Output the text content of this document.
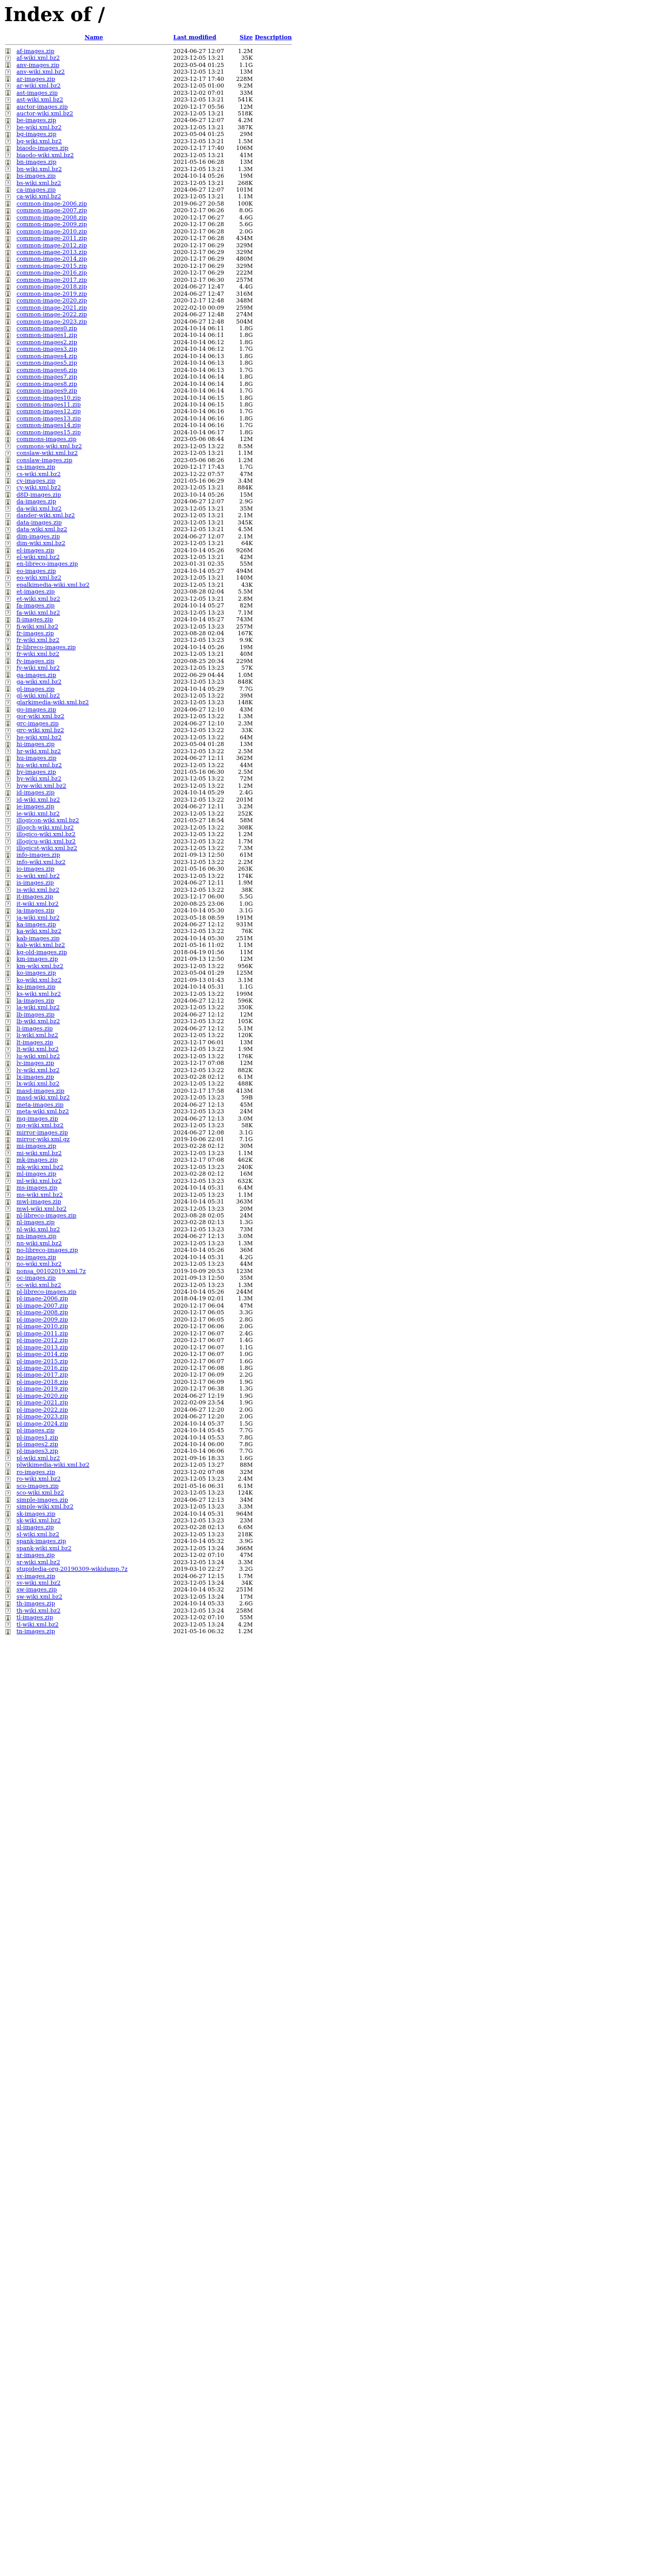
Index of /
	Name	Last modified	Size	Description

	af-images.zip	2024-06-27 12:07	1.2M	

?	af-wiki.xml.bz2	2023-12-05 13:21	35K	
	anv-images.zip	2023-05-04 01:25	1.1G	

?	anv-wiki.xml.bz2	2023-12-05 13:21	13M	
	ar-images.zip	2023-12-17 17:40	228M	

?	ar-wiki.xml.bz2	2023-12-05 01:00	9.2M	
	ast-images.zip	2023-12-02 07:01	33M	

?	ast-wiki.xml.bz2	2023-12-05 13:21	541K	
	auctor-images.zip	2020-12-17 05:56	12M	

?	auctor-wiki.xml.bz2	2023-12-05 13:21	518K	
	be-images.zip	2024-06-27 12:07	4.2M	

?	be-wiki.xml.bz2	2023-12-05 13:21	387K	
	bg-images.zip	2023-05-04 01:25	29M	

?	bg-wiki.xml.bz2	2023-12-05 13:21	1.5M	
	biaodo-images.zip	2020-12-17 17:40	106M	

?	biaodo-wiki.xml.bz2	2023-12-05 13:21	41M	
	bn-images.zip	2021-05-16 06:28	13M	

?	bn-wiki.xml.bz2	2023-12-05 13:21	1.3M	
	bs-images.zip	2024-10-14 05:26	19M	

?	bs-wiki.xml.bz2	2023-12-05 13:21	268K	
	ca-images.zip	2024-06-27 12:07	101M	

?	ca-wiki.xml.bz2	2023-12-05 13:21	1.1M	
	common-image-2006.zip	2019-06-27 20:58	100K	
	common-image-2007.zip	2020-12-17 06:26	8.0G	
	common-image-2008.zip	2020-12-17 06:27	4.6G	
	common-image-2009.zip	2020-12-17 06:28	5.6G	
	common-image-2010.zip	2020-12-17 06:28	2.0G	
	common-image-2011.zip	2020-12-17 06:28	434M	
	common-image-2012.zip	2020-12-17 06:29	329M	
	common-image-2013.zip	2020-12-17 06:29	329M	
	common-image-2014.zip	2020-12-17 06:29	480M	
	common-image-2015.zip	2020-12-17 06:29	329M	
	common-image-2016.zip	2020-12-17 06:29	222M	
	common-image-2017.zip	2020-12-17 06:30	257M	
	common-image-2018.zip	2024-06-27 12:47	4.4G	
	common-image-2019.zip	2024-06-27 12:47	316M	
	common-image-2020.zip	2020-12-17 12:48	348M	
	common-image-2021.zip	2022-02-10 00:09	259M	
	common-image-2022.zip	2024-06-27 12:48	274M	
	common-image-2023.zip	2024-06-27 12:48	504M	
	common-images0.zip	2024-10-14 06:11	1.8G	
	common-images1.zip	2024-10-14 06:11	1.8G	
	common-images2.zip	2024-10-14 06:12	1.8G	
	common-images3.zip	2024-10-14 06:12	1.7G	
	common-images4.zip	2024-10-14 06:13	1.8G	
	common-images5.zip	2024-10-14 06:13	1.8G	
	common-images6.zip	2024-10-14 06:13	1.7G	
	common-images7.zip	2024-10-14 06:14	1.8G	
	common-images8.zip	2024-10-14 06:14	1.8G	
	common-images9.zip	2024-10-14 06:14	1.7G	
	common-images10.zip	2024-10-14 06:15	1.8G	
	common-images11.zip	2024-10-14 06:15	1.8G	
	common-images12.zip	2024-10-14 06:16	1.7G	
	common-images13.zip	2024-10-14 06:16	1.8G	
	common-images14.zip	2024-10-14 06:16	1.7G	
	common-images15.zip	2024-10-14 06:17	1.8G	
	commons-images.zip	2023-05-06 08:44	12M	

?	commons-wiki.xml.bz2	2023-12-05 13:22	8.5M	

?	conslaw-wiki.xml.bz2	2023-12-05 13:21	1.1M	
	conslaw-images.zip	2023-05-06 08:26	1.2M	
	cs-images.zip	2020-12-17 17:43	1.7G	

?	cs-wiki.xml.bz2	2023-12-22 07:57	47M	
	cy-images.zip	2021-05-16 06:29	3.4M	

?	cy-wiki.xml.bz2	2023-12-05 13:21	884K	
	d8D-images.zip	2023-10-14 05:26	15M	
	da-images.zip	2024-06-27 12:07	2.9G	

?	da-wiki.xml.bz2	2023-12-05 13:21	35M	

?	dander-wiki.xml.bz2	2023-12-05 13:21	2.1M	
	data-images.zip	2023-12-05 13:21	345K	

?	data-wiki.xml.bz2	2023-12-05 13:21	4.5M	
	dim-images.zip	2024-06-27 12:07	2.1M	

?	dim-wiki.xml.bz2	2023-12-05 13:21	64K	
	el-images.zip	2024-10-14 05:26	926M	

?	el-wiki.xml.bz2	2023-12-05 13:21	42M	
	en-libreco-images.zip	2023-01-31 02:35	55M	
	eo-images.zip	2024-10-14 05:27	494M	

?	eo-wiki.xml.bz2	2023-12-05 13:21	140M	

?	epalkimedia-wiki.xml.bz2	2023-12-05 13:21	43K	
	et-images.zip	2023-08-28 02:04	5.5M	

?	et-wiki.xml.bz2	2023-12-05 13:21	2.8M	
	fa-images.zip	2024-10-14 05:27	82M	

?	fa-wiki.xml.bz2	2023-12-05 13:23	7.1M	
	fi-images.zip	2024-10-14 05:27	743M	

?	fi-wiki.xml.bz2	2023-12-05 13:23	257M	
	fr-images.zip	2023-08-28 02:04	167K	

?	fr-wiki.xml.bz2	2023-12-05 13:23	9.9K	
	fr-libreco-images.zip	2024-10-14 05:26	19M	

?	fr-wiki.xml.bz2	2023-12-05 13:21	40M	
	fy-images.zip	2020-08-25 20:34	229M	

?	fy-wiki.xml.bz2	2023-12-05 13:23	57K	
	ga-images.zip	2022-06-29 04:44	1.0M	

?	ga-wiki.xml.bz2	2023-12-05 13:23	848K	
	gl-images.zip	2024-10-14 05:29	7.7G	

?	gl-wiki.xml.bz2	2023-12-05 13:22	39M	

?	glarkimedia-wiki.xml.bz2	2023-12-05 13:23	148K	
	go-images.zip	2024-06-27 12:10	43M	

?	gor-wiki.xml.bz2	2023-12-05 13:22	1.3M	
	grc-images.zip	2024-06-27 12:10	2.3M	

?	grc-wiki.xml.bz2	2023-12-05 13:22	33K	

?	he-wiki.xml.bz2	2023-12-05 13:22	64M	
	hi-images.zip	2023-05-04 01:28	13M	

?	hr-wiki.xml.bz2	2023-12-05 13:22	2.5M	
	hu-images.zip	2024-06-27 12:11	362M	

?	hu-wiki.xml.bz2	2023-12-05 13:22	44M	
	hy-images.zip	2021-05-16 06:30	2.5M	

?	hy-wiki.xml.bz2	2023-12-05 13:22	72M	

?	hyw-wiki.xml.bz2	2023-12-05 13:22	1.2M	
	id-images.zip	2024-10-14 05:29	2.4G	

?	id-wiki.xml.bz2	2023-12-05 13:22	201M	
	ie-images.zip	2024-06-27 12:11	3.2M	

?	ie-wiki.xml.bz2	2023-12-05 13:22	252K	

?	illogicon-wiki.xml.bz2	2021-05-27 18:54	58M	

?	illogch-wiki.xml.bz2	2023-12-05 13:22	308K	

?	illogico-wiki.xml.bz2	2023-12-05 13:22	1.2M	

?	illogicu-wiki.xml.bz2	2023-12-05 13:22	1.7M	

?	illogicst-wiki.xml.bz2	2023-12-05 13:22	7.3M	
	info-images.zip	2021-09-13 12:50	61M	

?	info-wiki.xml.bz2	2023-12-05 13:22	2.2M	
	io-images.zip	2021-05-16 06:30	263K	

?	io-wiki.xml.bz2	2023-12-05 13:22	174K	
	is-images.zip	2024-06-27 12:11	1.9M	

?	is-wiki.xml.bz2	2023-12-05 13:22	38K	
	it-images.zip	2023-12-17 06:00	5.5G	

?	it-wiki.xml.bz2	2020-08-25 23:06	1.0G	
	ja-images.zip	2024-10-14 05:30	3.1G	

?	ja-wiki.xml.bz2	2023-05-18 08:59	191M	
	ka-images.zip	2024-06-27 12:12	931M	

?	ka-wiki.xml.bz2	2023-12-05 13:22	76K	
	kab-images.zip	2024-10-14 05:30	251M	

?	kab-wiki.xml.bz2	2021-05-16 11:02	1.1M	
	kg-old-images.zip	2018-04-19 01:56	11M	
	km-images.zip	2021-09-13 12:50	12M	

?	km-wiki.xml.bz2	2023-12-05 13:22	956K	
	ko-images.zip	2023-05-04 01:29	125M	

?	ko-wiki.xml.bz2	2021-09-13 01:43	3.1M	
	ks-images.zip	2024-10-14 05:31	1.1G	

?	ks-wiki.xml.bz2	2023-12-05 13:22	199M	
	la-images.zip	2024-06-27 12:12	596K	

?	la-wiki.xml.bz2	2023-12-05 13:22	350K	
	lb-images.zip	2024-06-27 12:12	12M	

?	lb-wiki.xml.bz2	2023-12-05 13:22	105K	
	li-images.zip	2024-06-27 12:12	5.1M	

?	li-wiki.xml.bz2	2023-12-05 13:22	120K	
	lt-images.zip	2023-12-17 06:01	13M	

?	lt-wiki.xml.bz2	2023-12-05 13:22	1.9M	

?	lu-wiki.xml.bz2	2023-12-05 13:22	176K	
	lv-images.zip	2023-12-17 07:08	12M	

?	lv-wiki.xml.bz2	2023-12-05 13:22	882K	
	lx-images.zip	2023-02-28 02:12	6.1M	

?	lx-wiki.xml.bz2	2023-12-05 13:22	488K	
	masd-images.zip	2020-12-17 17:58	413M	

?	masd-wiki.xml.bz2	2023-12-05 13:23	59B	
	meta-images.zip	2024-06-27 12:13	45M	

?	meta-wiki.xml.bz2	2023-12-05 13:23	24M	
	mg-images.zip	2024-06-27 12:13	3.0M	

?	mg-wiki.xml.bz2	2023-12-05 13:23	58K	
	mirror-images.zip	2024-06-27 12:08	3.1G	
	mirror-wiki.xml.gz	2019-10-06 22:01	7.1G	
	mi-images.zip	2023-02-28 02:12	30M	

?	mi-wiki.xml.bz2	2023-12-05 13:23	1.1M	
	mk-images.zip	2023-12-17 07:08	462K	

?	mk-wiki.xml.bz2	2023-12-05 13:23	240K	
	ml-images.zip	2023-02-28 02:12	16M	

?	ml-wiki.xml.bz2	2023-12-05 13:23	632K	
	ms-images.zip	2024-10-14 05:31	6.4M	

?	ms-wiki.xml.bz2	2023-12-05 13:23	1.1M	
	mwl-images.zip	2024-10-14 05:31	363M	

?	mwl-wiki.xml.bz2	2023-12-05 13:23	20M	
	nl-libreco-images.zip	2023-08-28 02:05	24M	
	nl-images.zip	2023-02-28 02:13	1.3G	

?	nl-wiki.xml.bz2	2023-12-05 13:23	73M	
	nn-images.zip	2024-06-27 12:13	3.0M	

?	nn-wiki.xml.bz2	2023-12-05 13:23	1.3M	
	no-libreco-images.zip	2024-10-14 05:26	36M	
	no-images.zip	2024-10-14 05:31	4.2G	

?	no-wiki.xml.bz2	2023-12-05 13:23	44M	
	nonsa_00102019.xml.7z	2019-10-09 20:53	123M	
	oc-images.zip	2021-09-13 12:50	35M	

?	oc-wiki.xml.bz2	2023-12-05 13:23	1.3M	
	pl-libreco-images.zip	2024-10-14 05:26	244M	
	pl-image-2006.zip	2018-04-19 02:01	1.3M	
	pl-image-2007.zip	2020-12-17 06:04	47M	
	pl-image-2008.zip	2020-12-17 06:05	3.3G	
	pl-image-2009.zip	2020-12-17 06:05	2.8G	
	pl-image-2010.zip	2020-12-17 06:06	2.0G	
	pl-image-2011.zip	2020-12-17 06:07	2.4G	
	pl-image-2012.zip	2020-12-17 06:07	1.4G	
	pl-image-2013.zip	2020-12-17 06:07	1.1G	
	pl-image-2014.zip	2020-12-17 06:07	1.0G	
	pl-image-2015.zip	2020-12-17 06:07	1.6G	
	pl-image-2016.zip	2020-12-17 06:08	1.8G	
	pl-image-2017.zip	2020-12-17 06:09	2.2G	
	pl-image-2018.zip	2020-12-17 06:09	1.9G	
	pl-image-2019.zip	2020-12-17 06:38	1.3G	
	pl-image-2020.zip	2024-06-27 12:19	1.9G	
	pl-image-2021.zip	2022-02-09 23:54	1.9G	
	pl-image-2022.zip	2024-06-27 12:20	2.0G	
	pl-image-2023.zip	2024-06-27 12:20	2.0G	
	pl-image-2024.zip	2024-10-14 05:37	1.5G	
	pl-images.zip	2024-10-14 05:45	7.7G	
	pl-images1.zip	2024-10-14 05:53	7.8G	
	pl-images2.zip	2024-10-14 06:00	7.8G	
	pl-images3.zip	2024-10-14 06:06	7.7G	

?	pl-wiki.xml.bz2	2021-09-16 18:33	1.6G	

?	plwikimedia-wiki.xml.bz2	2023-12-05 13:27	88M	
	ro-images.zip	2023-12-02 07:08	32M	

?	ro-wiki.xml.bz2	2023-12-05 13:23	2.4M	
	sco-images.zip	2021-05-16 06:31	6.1M	

?	sco-wiki.xml.bz2	2023-12-05 13:23	124K	
	simple-images.zip	2024-06-27 12:13	34M	

?	simple-wiki.xml.bz2	2023-12-05 13:23	3.3M	
	sk-images.zip	2024-10-14 05:31	964M	

?	sk-wiki.xml.bz2	2023-12-05 13:23	23M	
	sl-images.zip	2023-02-28 02:13	6.6M	

?	sl-wiki.xml.bz2	2023-12-05 13:23	218K	
	spank-images.zip	2024-10-14 05:32	3.9G	

?	spank-wiki.xml.bz2	2023-12-05 13:24	366M	
	sr-images.zip	2023-12-02 07:10	47M	

?	sr-wiki.xml.bz2	2023-12-05 13:24	3.3M	
	stupidedia-org-20190309-wikidump.7z	2019-03-10 22:27	3.2G	
	sv-images.zip	2024-06-27 12:15	1.7M	

?	sv-wiki.xml.bz2	2023-12-05 13:24	34K	
	sw-images.zip	2024-10-14 05:32	251M	

?	sw-wiki.xml.bz2	2023-12-05 13:24	17M	
	th-images.zip	2024-10-14 05:33	2.6G	

?	th-wiki.xml.bz2	2023-12-05 13:24	258M	
	tl-images.zip	2023-12-02 07:10	55M	

?	tl-wiki.xml.bz2	2023-12-05 13:24	4.2M	
	tn-images.zip	2021-05-16 06:32	1.2M	
